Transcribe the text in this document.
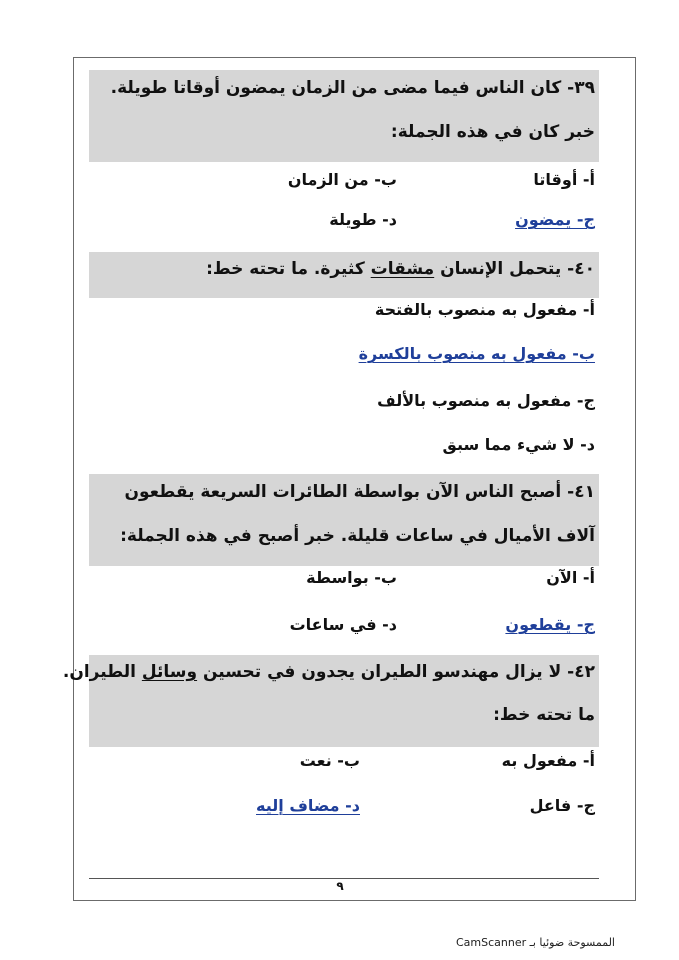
٣٩- كان الناس فيما مضى من الزمان يمضون أوقاتا طويلة.
خبر كان في هذه الجملة:
أ- أوقاتا
ب- من الزمان
ج- يمضون
د- طويلة
٤٠- يتحمل الإنسان مشقات كثيرة. ما تحته خط:
أ- مفعول به منصوب بالفتحة
ب- مفعول به منصوب بالكسرة
ج- مفعول به منصوب بالألف
د- لا شيء مما سبق
٤١- أصبح الناس الآن بواسطة الطائرات السريعة يقطعون
آلاف الأميال في ساعات قليلة. خبر أصبح في هذه الجملة:
أ- الآن
ب- بواسطة
ج- يقطعون
د- في ساعات
٤٢- لا يزال مهندسو الطيران يجدون في تحسين وسائل الطيران.
ما تحته خط:
أ- مفعول به
ب- نعت
ج- فاعل
د- مضاف إليه
٩
الممسوحة ضوئيا بـ CamScanner
